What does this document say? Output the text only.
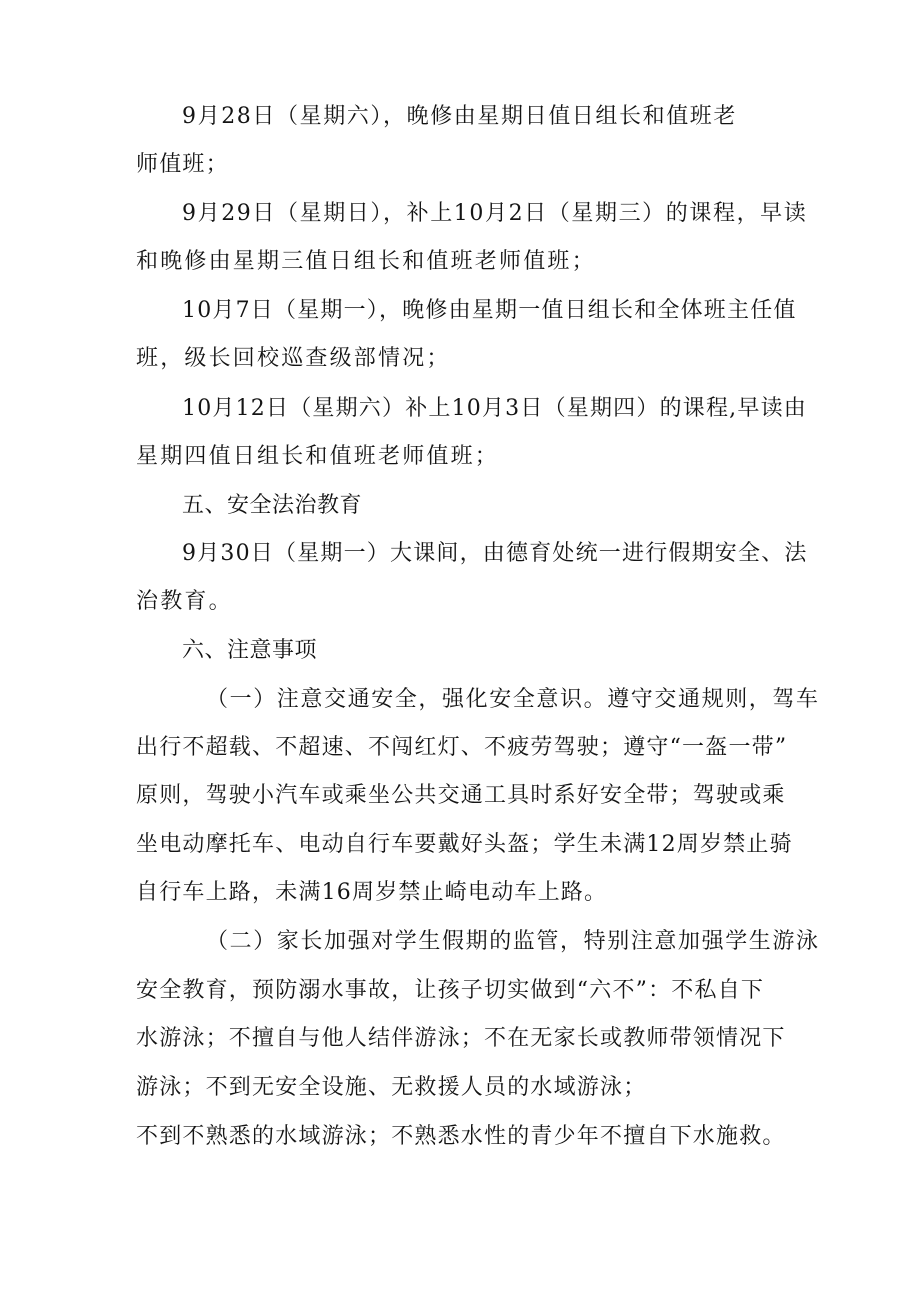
9月28日（星期六），晚修由星期日值日组长和值班老
师值班；
9月29日（星期日），补上10月2日（星期三）的课程，早读
和晚修由星期三值日组长和值班老师值班；
10月7日（星期一），晚修由星期一值日组长和全体班主任值
班，级长回校巡查级部情况；
10月12日（星期六）补上10月3日（星期四）的课程,早读由
星期四值日组长和值班老师值班；
五、安全法治教育
9月30日（星期一）大课间，由德育处统一进行假期安全、法
治教育。
六、注意事项
（一）注意交通安全，强化安全意识。遵守交通规则，驾车
出行不超载、不超速、不闯红灯、不疲劳驾驶；遵守“一盔一带”
原则，驾驶小汽车或乘坐公共交通工具时系好安全带；驾驶或乘
坐电动摩托车、电动自行车要戴好头盔；学生未满12周岁禁止骑
自行车上路，未满16周岁禁止崎电动车上路。
（二）家长加强对学生假期的监管，特别注意加强学生游泳
安全教育，预防溺水事故，让孩子切实做到“六不”：不私自下
水游泳；不擅自与他人结伴游泳；不在无家长或教师带领情况下
游泳；不到无安全设施、无救援人员的水域游泳；
不到不熟悉的水域游泳；不熟悉水性的青少年不擅自下水施救。
